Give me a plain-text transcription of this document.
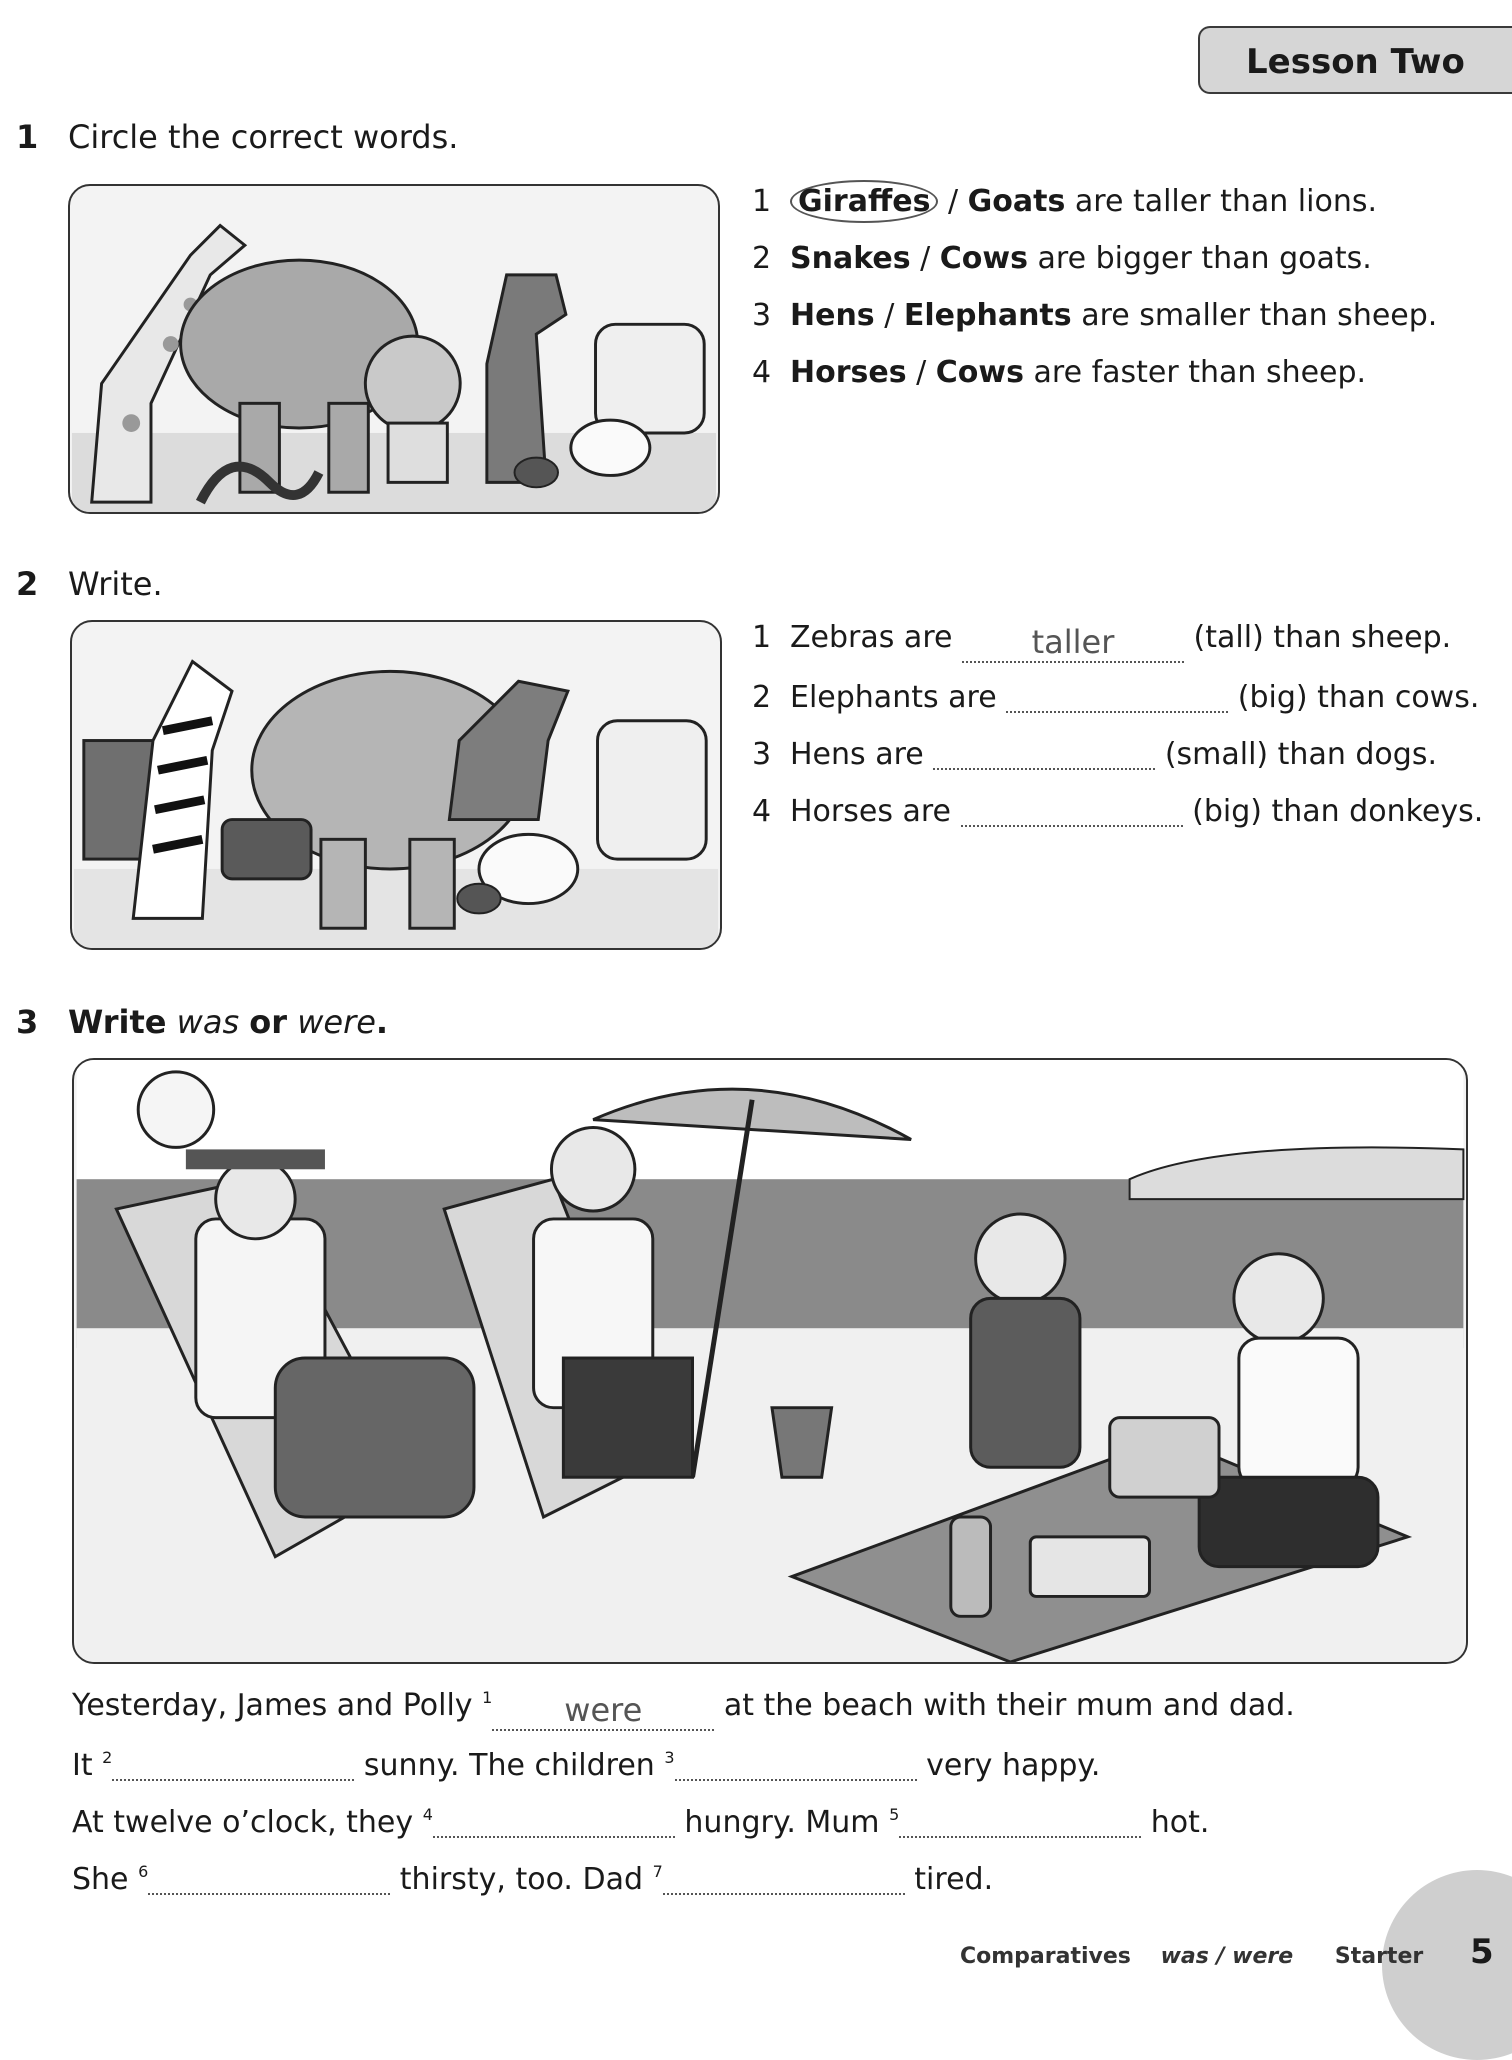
Lesson Two
1 Circle the correct words.
1 Giraffes / Goats are taller than lions.
2 Snakes / Cows are bigger than goats.
3 Hens / Elephants are smaller than sheep.
4 Horses / Cows are faster than sheep.
2 Write.
1 Zebras are taller	(tall) than sheep.
2 Elephants are	(big) than cows.
3 Hens are	(small) than dogs.
4 Horses are	(big) than donkeys.
3 Write was or were.
Yesterday, James and Polly $^1$ were	at the beach with their mum and dad.
It $^2$	sunny. The children $^3$	very happy.
At twelve o’clock, they $^4$	hungry. Mum $^5$	hot.
She $^6$	thirsty, too. Dad $^7$	tired.
Comparatives was / were Starter 5
